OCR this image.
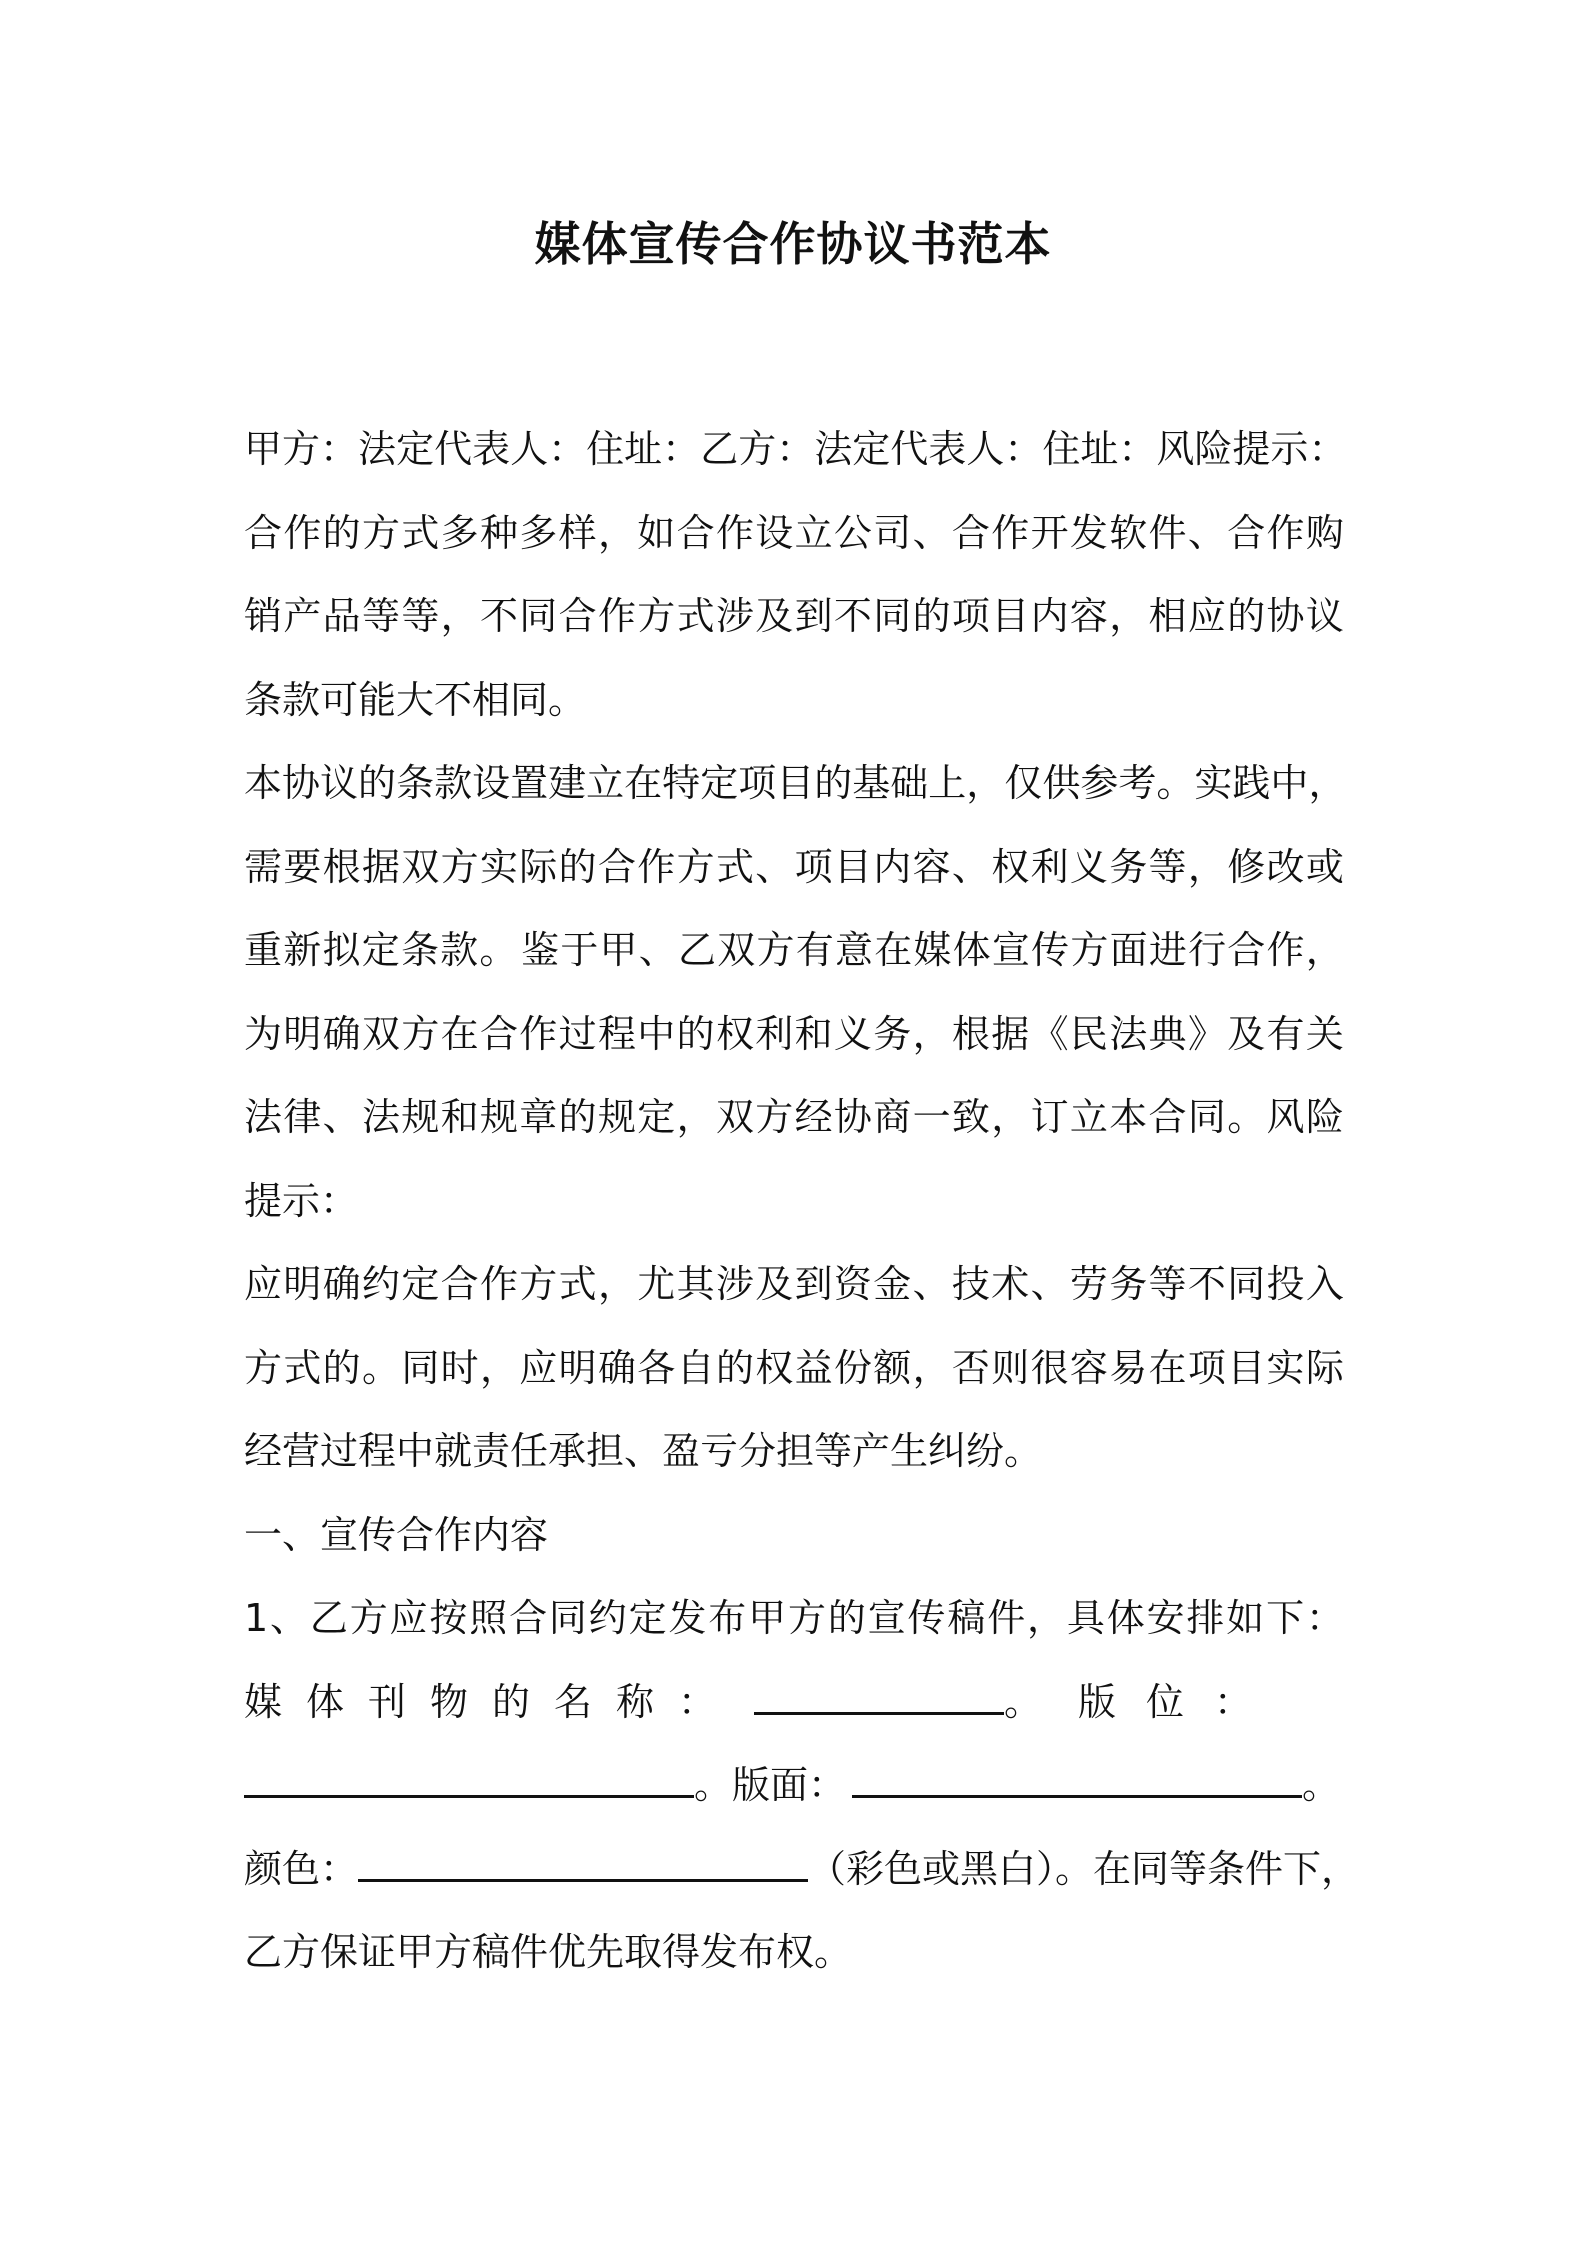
媒体宣传合作协议书范本
甲 方 ： 法 定 代 表 人 ： 住 址 ： 乙 方 ： 法 定 代 表 人 ： 住 址 ： 风 险 提 示 ：
合 作 的 方 式 多 种 多 样 ， 如 合 作 设 立 公 司 、 合 作 开 发 软 件 、 合 作 购
销 产 品 等 等 ， 不 同 合 作 方 式 涉 及 到 不 同 的 项 目 内 容 ， 相 应 的 协 议
条款可能大不相同。
本 协 议 的 条 款 设 置 建 立 在 特 定 项 目 的 基 础 上 ， 仅 供 参 考 。 实 践 中 ，
需 要 根 据 双 方 实 际 的 合 作 方 式 、 项 目 内 容 、 权 利 义 务 等 ， 修 改 或
重 新 拟 定 条 款 。 鉴 于 甲 、 乙 双 方 有 意 在 媒 体 宣 传 方 面 进 行 合 作 ，
为 明 确 双 方 在 合 作 过 程 中 的 权 利 和 义 务 ， 根 据 《 民 法 典 》 及 有 关
法 律 、 法 规 和 规 章 的 规 定 ， 双 方 经 协 商 一 致 ， 订 立 本 合 同 。 风 险
提示：
应 明 确 约 定 合 作 方 式 ， 尤 其 涉 及 到 资 金 、 技 术 、 劳 务 等 不 同 投 入
方 式 的 。 同 时 ， 应 明 确 各 自 的 权 益 份 额 ， 否 则 很 容 易 在 项 目 实 际
经营过程中就责任承担、盈亏分担等产生纠纷。
一、宣传合作内容
1 、 乙 方 应 按 照 合 同 约 定 发 布 甲 方 的 宣 传 稿 件 ， 具 体 安 排 如 下 ：
媒体刊物的名称：	。 版位：
。版面：	。
颜色：	（彩色或黑白）。在同等条件下，
乙方保证甲方稿件优先取得发布权。
